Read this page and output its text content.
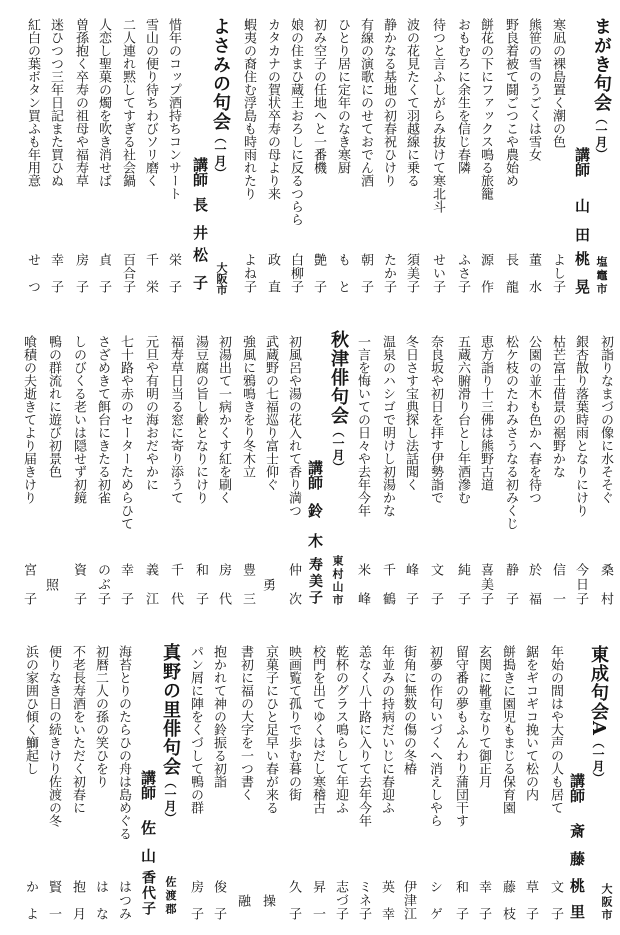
まがき句会（一月）
講師
山田
桃晃 塩竈市
寒凪の裸島置く潮の色
よし子
熊笹の雪のうごくは雪女
董水
野良着被て鬪ごつこや農始め
長龍
餅花の下にファックス鳴る旅籠
源作
おもむろに余生を信じ春隣
ふさ子
待つと言ふしがらみ抜けて寒北斗
せい子
波の花見たくて羽越線に乗る
須美子
静かなる基地の初春祝ひけり
たか子
有線の演歌にのせておでん酒
朝子
ひとり居に定年のなき寒厨
もと
初み空子の任地へと一番機
艶子
娘の住まひ蔵王おろしに反るつらら
白柳子
カタカナの賀状卒寿の母より来
政直
蝦夷の裔住む浮島も時雨れたり
よね子
よさみの句会（一月）
講師
長井
松子 大阪市
惜年のコップ酒持ちコンサート
栄子
雪山の便り待ちわびソリ磨く
千栄
二人連れ黙してすぎる社会鍋
百合子
人恋し聖菓の燭を吹き消せば
貞子
曽孫抱く卒寿の祖母や福寿草
房子
迷ひつつ三年日記また買ひぬ
幸子
紅白の葉ボタン買ふも年用意
せつ
初詣りなまづの像に水そそぐ
桑村
銀杏散り落葉時雨となりにけり
今日子
枯芒富士借景の裾野かな
信一
公園の並木も色かへ春を待つ
於福
松ケ枝のたわみさうなる初みくじ
静子
恵方詣り十三佛は熊野古道
喜美子
五蔵六腑滑り台とし年酒滲む
純子
奈良坂や初日を拝す伊勢詣で
文子
冬日さす宝典探し法話聞く
峰子
温泉のハシゴで明けし初湯かな
千鶴
一言を悔いての日々や去年今年
米峰
秋津俳句会（一月）
講師
鈴木
寿美子 東村山市
初風呂や湯の花入れて香り満つ
仲次
武蔵野の七福巡り富士仰ぐ
勇
強風に鴉鳴きをり冬木立
豊三
初湯出て一病かくす紅を刷く
房代
湯豆腐の旨し齢となりにけり
和子
福寿草日当る窓に寄り添うて
千代
元旦や有明の海おだやかに
義江
七十路や赤のセーターためらひて
幸子
さざめきて餌台にきたる初雀
のぶ子
しのびくる老いは隠せず初鏡
資子
鴨の群流れに遊び初景色
照
喰積の夫逝きてより届きけり
宮子
東成句会A（一月）
講師
斎藤
桃里 大阪市
年始の間はや大声の人も居て
文子
鋸をギコギコ挽いて松の内
草子
餅搗きに園児もまじる保育園
藤枝
玄関に靴重なりて御正月
幸子
留守番の夢もふんわり蒲団干す
和子
初夢の作句いづくへ消えしやら
シゲ
街角に無数の傷の冬椿
伊津江
年並みの持病だいじに春迎ふ
英幸
恙なく八十路に入りて去年今年
ミネ子
乾杯のグラス鳴らして年迎ふ
志づ子
校門を出てゆくはだし寒稽古
昇一
映画覧て孤りで歩む暮の街
久子
京菓子にひと足早い春が来る
操
書初に福の大字を一つ書く
融
抱かれて神の鈴振る初詣
俊子
パン屑に陣をくづして鴨の群
房子
真野の里俳句会（一月）
講師
佐山
香代子 佐渡郡
海苔とりのたらひの舟は島めぐる
はつみ
初暦二人の孫の笑ひをり
はな
不老長寿酒をいただく初春に
抱月
便りなき日の続きけり佐渡の冬
賢一
浜の家囲ひ傾く鰤起し
かよ
